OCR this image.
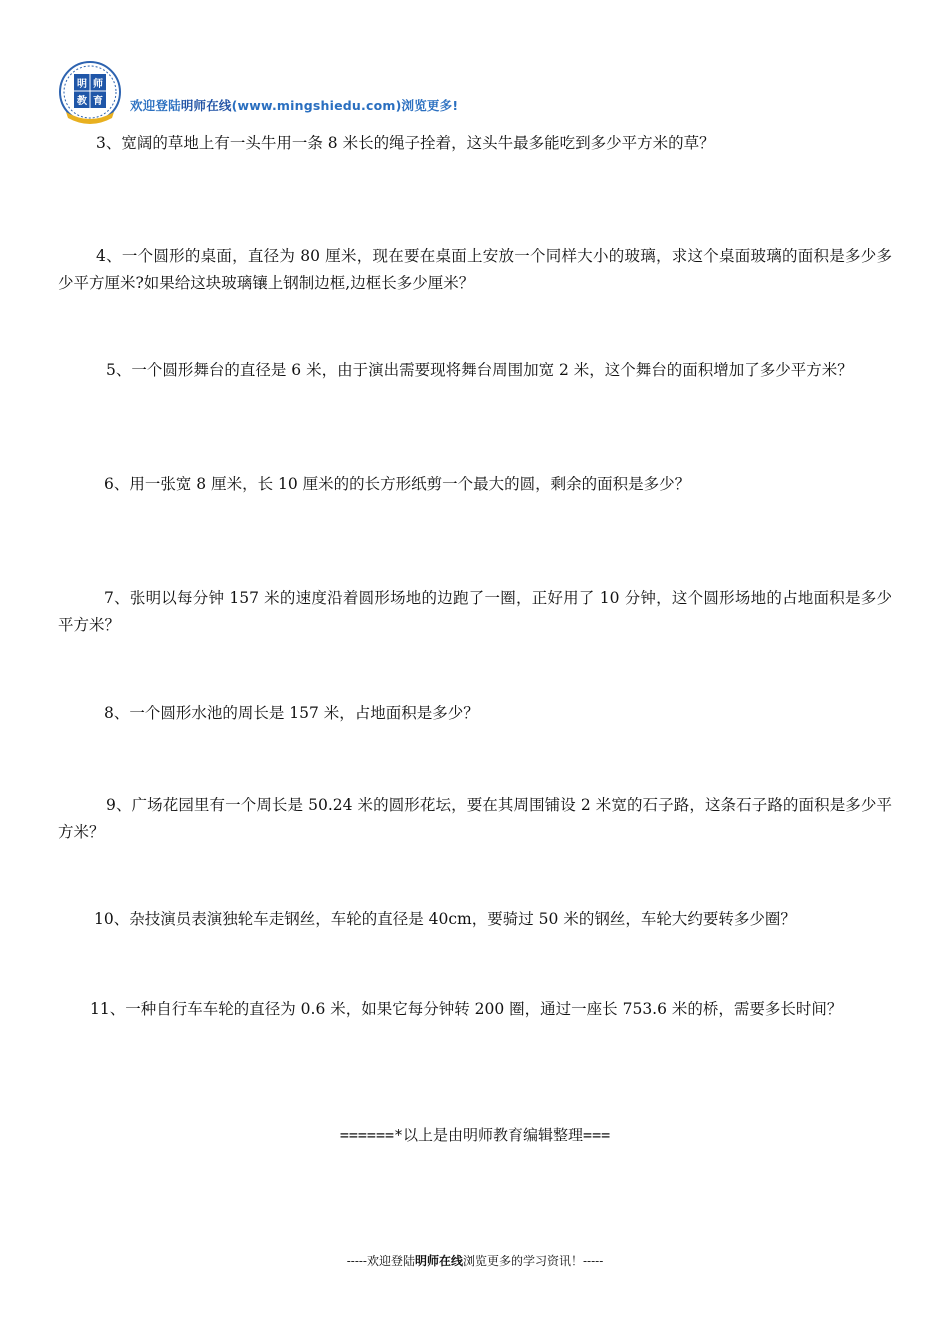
明 师
教 育 欢迎登陆明师在线(www.mingshiedu.com)浏览更多!
3、宽阔的草地上有一头牛用一条 8 米长的绳子拴着，这头牛最多能吃到多少平方米的草？
4、一个圆形的桌面，直径为 80 厘米，现在要在桌面上安放一个同样大小的玻璃，求这个桌面玻璃的面积是多少多少平方厘米?如果给这块玻璃镶上钢制边框,边框长多少厘米？
5、一个圆形舞台的直径是 6 米，由于演出需要现将舞台周围加宽 2 米，这个舞台的面积增加了多少平方米？
6、用一张宽 8 厘米，长 10 厘米的的长方形纸剪一个最大的圆，剩余的面积是多少？
7、张明以每分钟 157 米的速度沿着圆形场地的边跑了一圈，正好用了 10 分钟，这个圆形场地的占地面积是多少平方米？
8、一个圆形水池的周长是 157 米，占地面积是多少？
9、广场花园里有一个周长是 50.24 米的圆形花坛，要在其周围铺设 2 米宽的石子路，这条石子路的面积是多少平方米？
10、杂技演员表演独轮车走钢丝，车轮的直径是 40cm，要骑过 50 米的钢丝，车轮大约要转多少圈？
11、一种自行车车轮的直径为 0.6 米，如果它每分钟转 200 圈，通过一座长 753.6 米的桥，需要多长时间？
======*以上是由明师教育编辑整理===
-----欢迎登陆明师在线浏览更多的学习资讯！-----
